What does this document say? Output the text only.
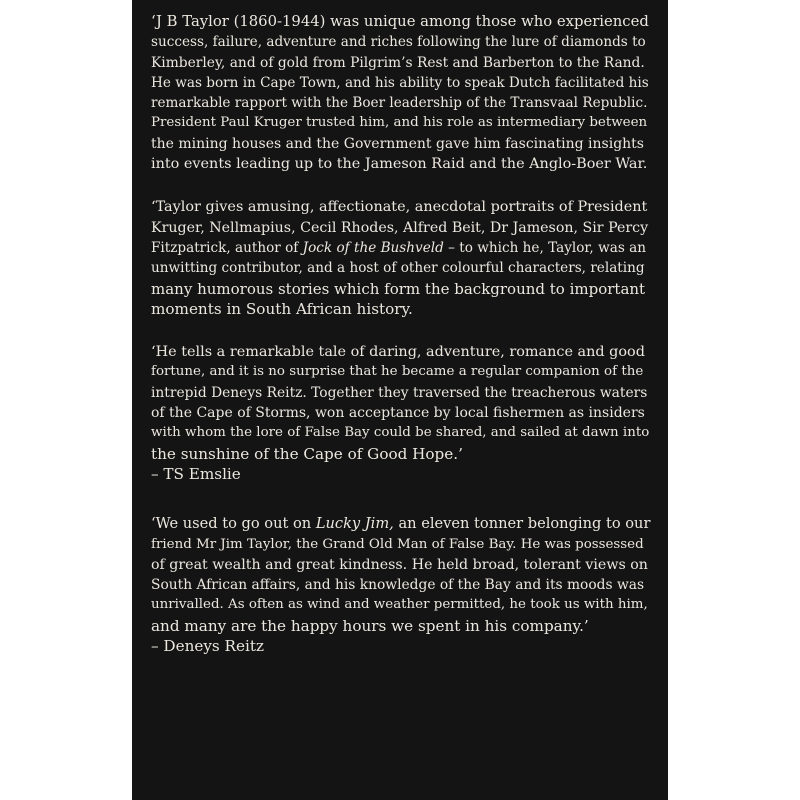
‘J B Taylor (1860-1944) was unique among those who experienced
success, failure, adventure and riches following the lure of diamonds to
Kimberley, and of gold from Pilgrim’s Rest and Barberton to the Rand.
He was born in Cape Town, and his ability to speak Dutch facilitated his
remarkable rapport with the Boer leadership of the Transvaal Republic.
President Paul Kruger trusted him, and his role as intermediary between
the mining houses and the Government gave him fascinating insights
into events leading up to the Jameson Raid and the Anglo-Boer War.
‘Taylor gives amusing, affectionate, anecdotal portraits of President
Kruger, Nellmapius, Cecil Rhodes, Alfred Beit, Dr Jameson, Sir Percy
Fitzpatrick, author of Jock of the Bushveld – to which he, Taylor, was an
unwitting contributor, and a host of other colourful characters, relating
many humorous stories which form the background to important
moments in South African history.
‘He tells a remarkable tale of daring, adventure, romance and good
fortune, and it is no surprise that he became a regular companion of the
intrepid Deneys Reitz. Together they traversed the treacherous waters
of the Cape of Storms, won acceptance by local fishermen as insiders
with whom the lore of False Bay could be shared, and sailed at dawn into
the sunshine of the Cape of Good Hope.’
– TS Emslie
‘We used to go out on Lucky Jim, an eleven tonner belonging to our
friend Mr Jim Taylor, the Grand Old Man of False Bay. He was possessed
of great wealth and great kindness. He held broad, tolerant views on
South African affairs, and his knowledge of the Bay and its moods was
unrivalled. As often as wind and weather permitted, he took us with him,
and many are the happy hours we spent in his company.’
– Deneys Reitz
